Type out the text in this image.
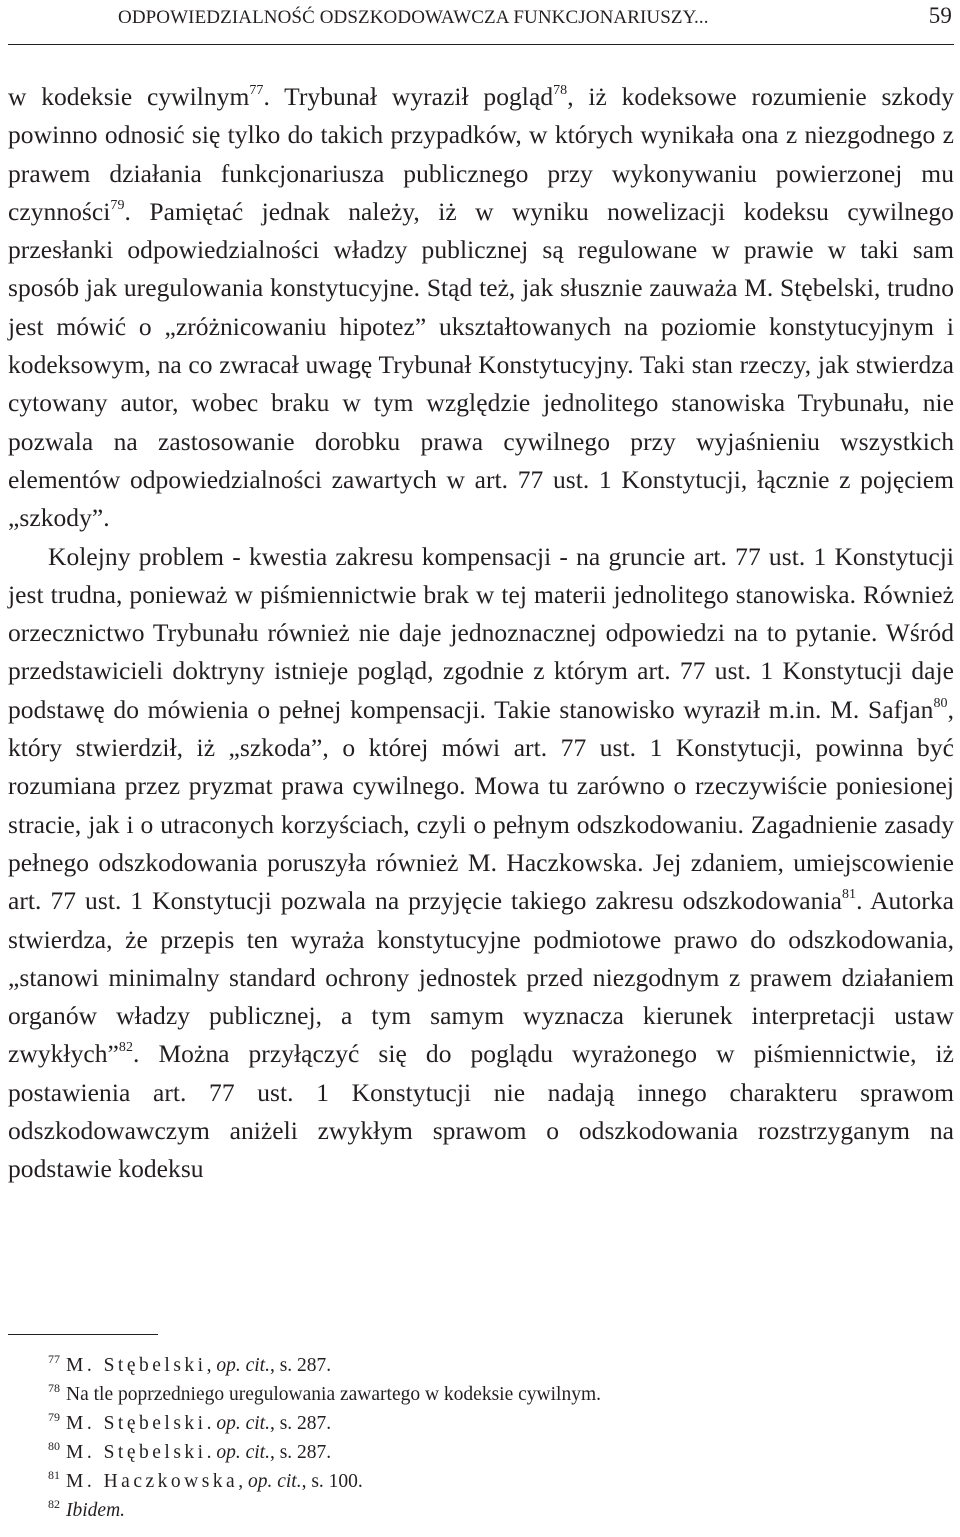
ODPOWIEDZIALNOŚĆ ODSZKODOWAWCZA FUNKCJONARIUSZY...	59

w kodeksie cywilnym$^{77}$. Trybunał wyraził pogląd$^{78}$, iż kodeksowe rozumienie szkody powinno odnosić się tylko do takich przypadków, w których wynikała ona z niezgodnego z prawem działania funkcjonariusza publicznego przy wykonywaniu powierzonej mu czynności$^{79}$. Pamiętać jednak należy, iż w wyniku nowelizacji kodeksu cywilnego przesłanki odpowiedzialności władzy publicznej są regulowane w prawie w taki sam sposób jak uregulowania konstytucyjne. Stąd też, jak słusznie zauważa M. Stębelski, trudno jest mówić o „zróżnicowaniu hipotez” ukształtowanych na poziomie konstytucyjnym i kodeksowym, na co zwracał uwagę Trybunał Konstytucyjny. Taki stan rzeczy, jak stwierdza cytowany autor, wobec braku w tym względzie jednolitego stanowiska Trybunału, nie pozwala na zastosowanie dorobku prawa cywilnego przy wyjaśnieniu wszystkich elementów odpowiedzialności zawartych w art. 77 ust. 1 Konstytucji, łącznie z pojęciem „szkody”.

Kolejny problem - kwestia zakresu kompensacji - na gruncie art. 77 ust. 1 Konstytucji jest trudna, ponieważ w piśmiennictwie brak w tej materii jednolitego stanowiska. Również orzecznictwo Trybunału również nie daje jednoznacznej odpowiedzi na to pytanie. Wśród przedstawicieli doktryny istnieje pogląd, zgodnie z którym art. 77 ust. 1 Konstytucji daje podstawę do mówienia o pełnej kompensacji. Takie stanowisko wyraził m.in. M. Safjan$^{80}$, który stwierdził, iż „szkoda”, o której mówi art. 77 ust. 1 Konstytucji, powinna być rozumiana przez pryzmat prawa cywilnego. Mowa tu zarówno o rzeczywiście poniesionej stracie, jak i o utraconych korzyściach, czyli o pełnym odszkodowaniu. Zagadnienie zasady pełnego odszkodowania poruszyła również M. Haczkowska. Jej zdaniem, umiejscowienie art. 77 ust. 1 Konstytucji pozwala na przyjęcie takiego zakresu odszkodowania$^{81}$. Autorka stwierdza, że przepis ten wyraża konstytucyjne podmiotowe prawo do odszkodowania, „stanowi minimalny standard ochrony jednostek przed niezgodnym z prawem działaniem organów władzy publicznej, a tym samym wyznacza kierunek interpretacji ustaw zwykłych”$^{82}$. Można przyłączyć się do poglądu wyrażonego w piśmiennictwie, iż postawienia art. 77 ust. 1 Konstytucji nie nadają innego charakteru sprawom odszkodowawczym aniżeli zwykłym sprawom o odszkodowania rozstrzyganym na podstawie kodeksu

$^{77}$ M. Stębelski, op. cit., s. 287.
$^{78}$ Na tle poprzedniego uregulowania zawartego w kodeksie cywilnym.
$^{79}$ M. Stębelski. op. cit., s. 287.
$^{80}$ M. Stębelski. op. cit., s. 287.
$^{81}$ M. Haczkowska, op. cit., s. 100.
$^{82}$ Ibidem.
